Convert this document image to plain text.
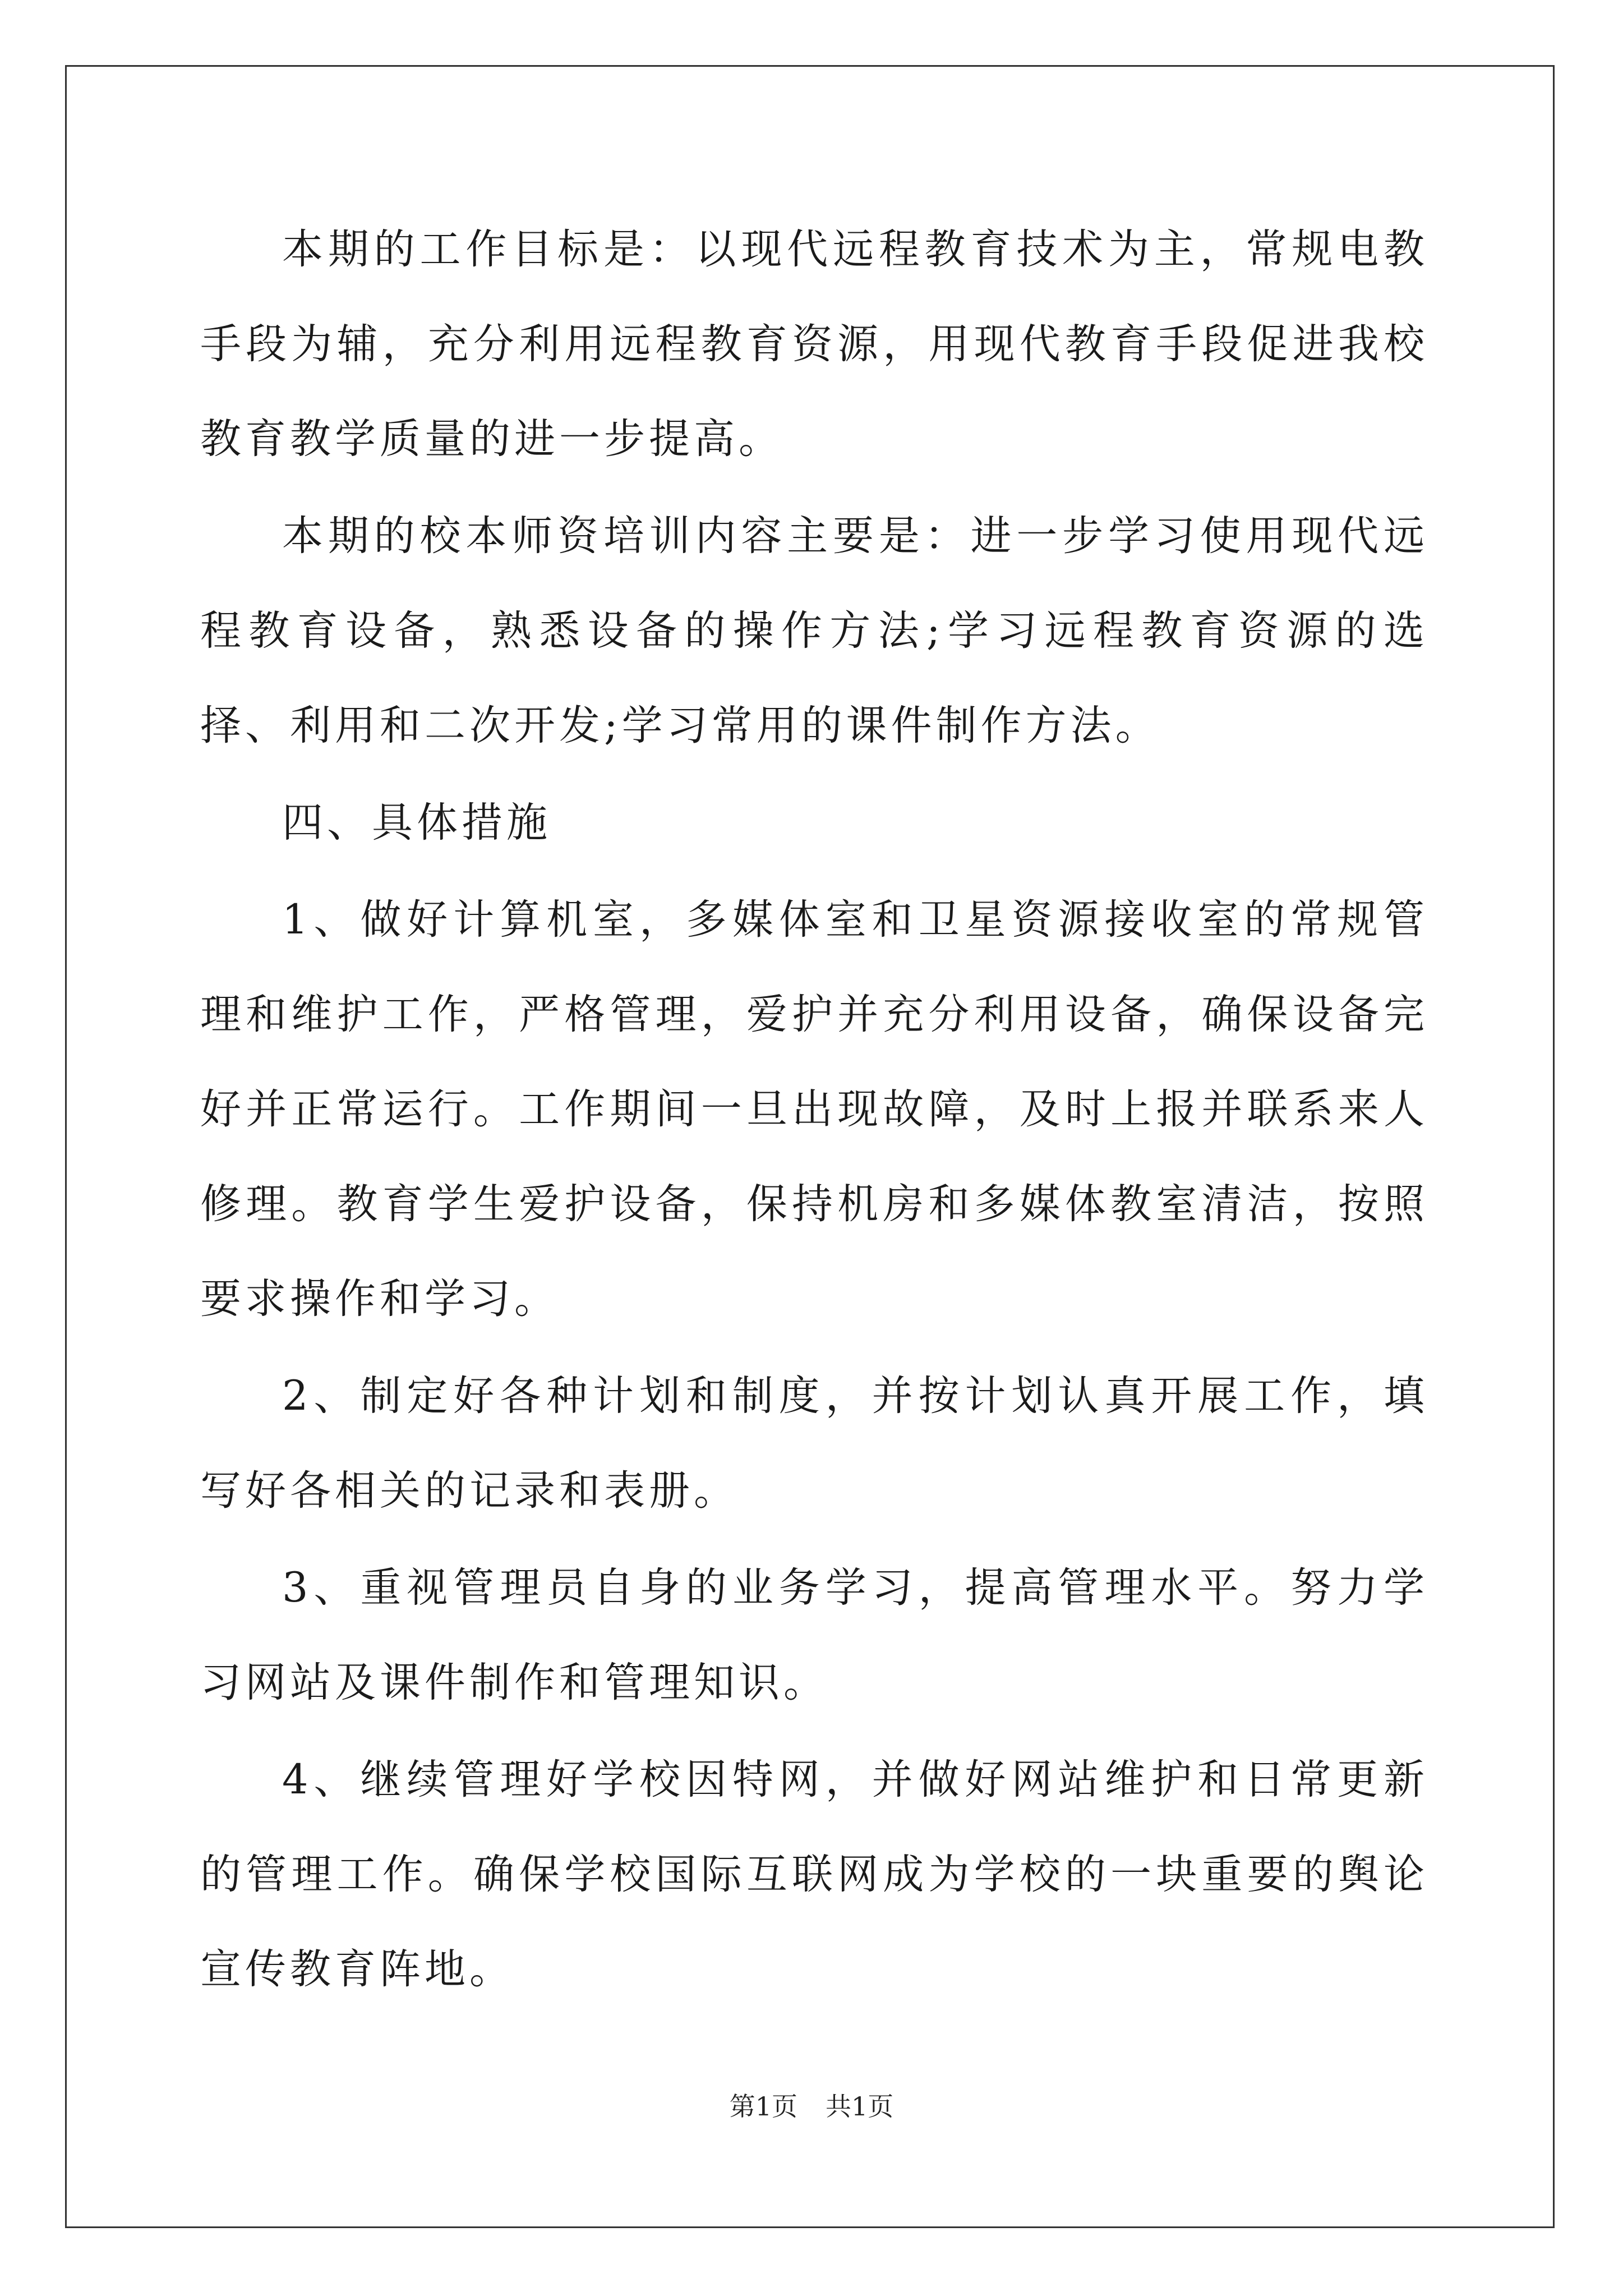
本期的工作目标是：以现代远程教育技术为主，常规电教手段为辅，充分利用远程教育资源，用现代教育手段促进我校教育教学质量的进一步提高。

本期的校本师资培训内容主要是：进一步学习使用现代远程教育设备，熟悉设备的操作方法;学习远程教育资源的选择、利用和二次开发;学习常用的课件制作方法。

四、具体措施

1、做好计算机室，多媒体室和卫星资源接收室的常规管理和维护工作，严格管理，爱护并充分利用设备，确保设备完好并正常运行。工作期间一旦出现故障，及时上报并联系来人修理。教育学生爱护设备，保持机房和多媒体教室清洁，按照要求操作和学习。

2、制定好各种计划和制度，并按计划认真开展工作，填写好各相关的记录和表册。

3、重视管理员自身的业务学习，提高管理水平。努力学习网站及课件制作和管理知识。

4、继续管理好学校因特网，并做好网站维护和日常更新的管理工作。确保学校国际互联网成为学校的一块重要的舆论宣传教育阵地。

第1页 共1页
